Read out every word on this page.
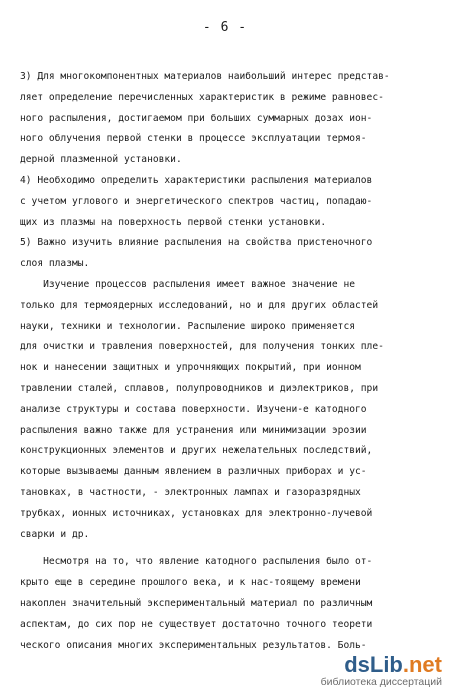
- 6 -
3) Для многокомпонентных материалов наибольший интерес представ-
ляет определение перечисленных характеристик в режиме равновес-
ного распыления, достигаемом при больших суммарных дозах ион-
ного облучения первой стенки в процессе эксплуатации термоя-
дерной плазменной установки.
4) Необходимо определить характеристики распыления материалов
с учетом углового и энергетического спектров частиц, попадаю-
щих из плазмы на поверхность первой стенки установки.
5) Важно изучить влияние распыления на свойства пристеночного
слоя плазмы.
Изучение процессов распыления имеет важное значение не
только для термоядерных исследований, но и для других областей
науки, техники и технологии. Распыление широко применяется
для очистки и травления поверхностей, для получения тонких пле-
нок и нанесении защитных и упрочняющих покрытий, при ионном
травлении сталей, сплавов, полупроводников и диэлектриков, при
анализе структуры и состава поверхности. Изучени-е катодного
распыления важно также для устранения или минимизации эрозии
конструкционных элементов и других нежелательных последствий,
которые вызываемы данным явлением в различных приборах и ус-
тановках, в частности, - электронных лампах и газоразрядных
трубках, ионных источниках, установках для электронно-лучевой
сварки и др.
Несмотря на то, что явление катодного распыления было от-
крыто еще в середине прошлого века, и к нас-тоящему времени
накоплен значительный экспериментальный материал по различным
аспектам, до сих пор не существует достаточно точного теорети
ческого описания многих экспериментальных результатов. Боль-
dsLib.net
библиотека диссертаций
